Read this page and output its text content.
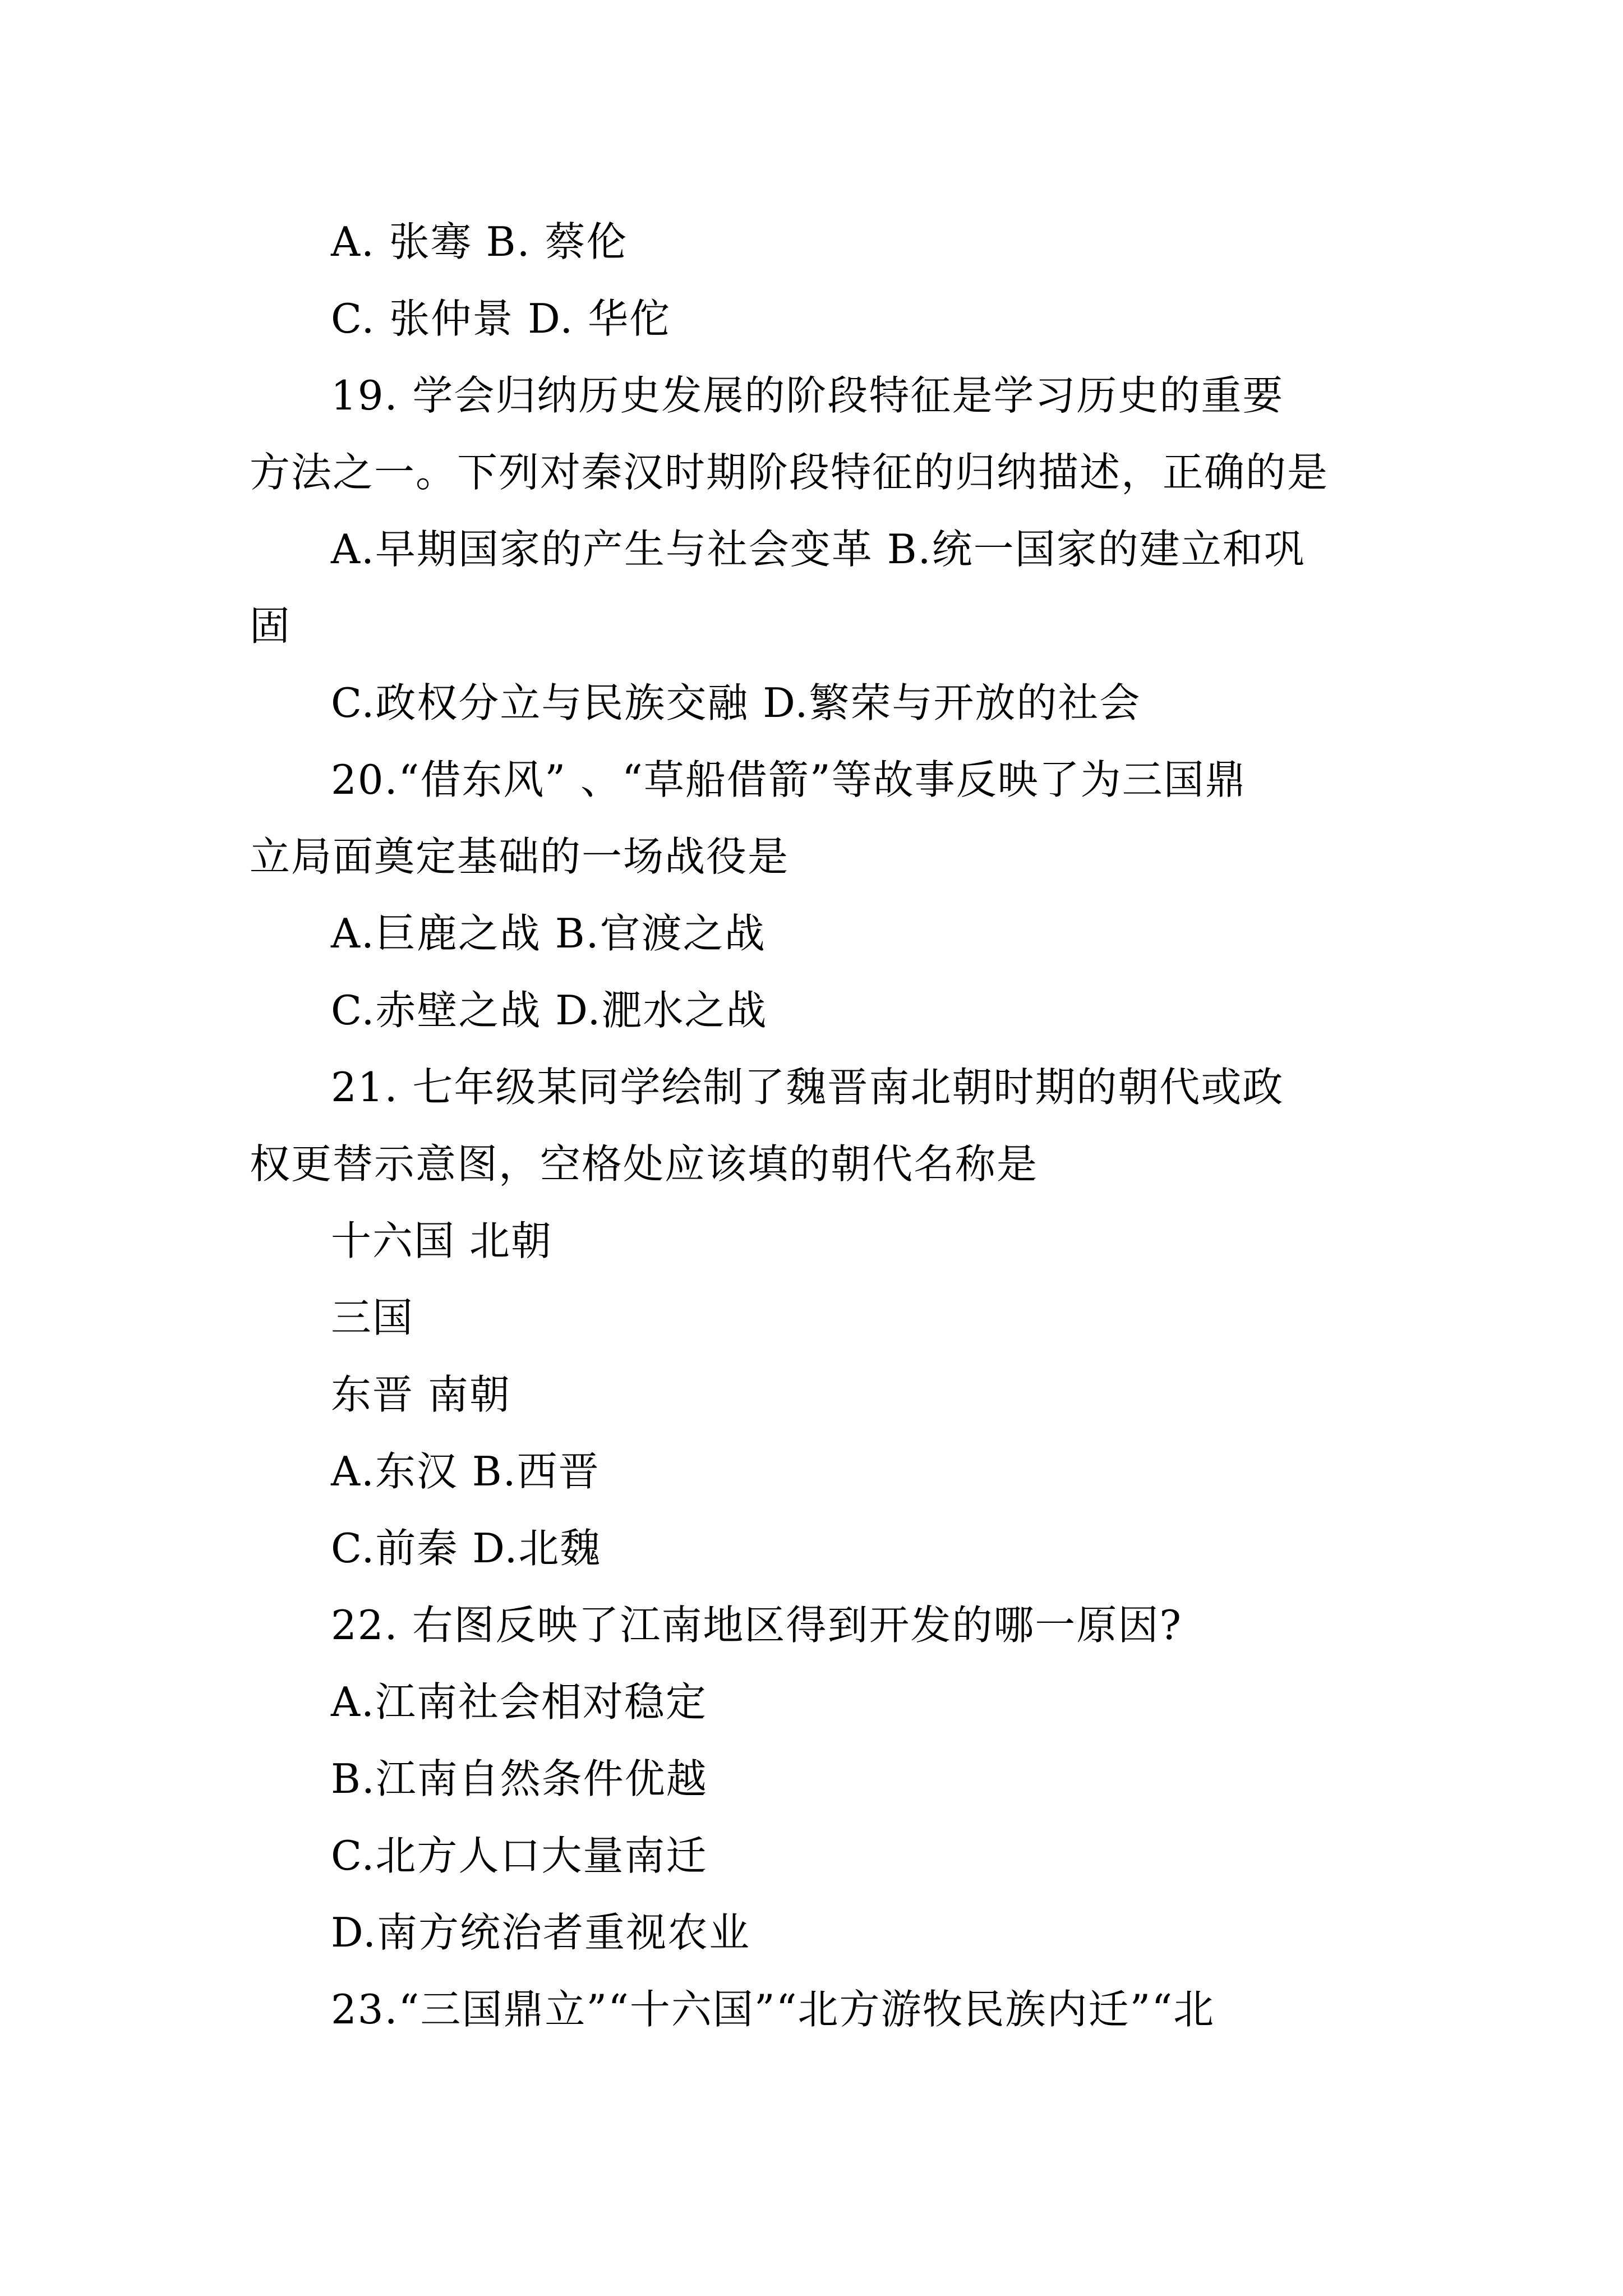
A. 张骞 B. 蔡伦
C. 张仲景 D. 华佗
19. 学会归纳历史发展的阶段特征是学习历史的重要
方法之一。下列对秦汉时期阶段特征的归纳描述，正确的是
A.早期国家的产生与社会变革 B.统一国家的建立和巩
固
C.政权分立与民族交融 D.繁荣与开放的社会
20.“借东风” 、“草船借箭”等故事反映了为三国鼎
立局面奠定基础的一场战役是
A.巨鹿之战 B.官渡之战
C.赤壁之战 D.淝水之战
21. 七年级某同学绘制了魏晋南北朝时期的朝代或政
权更替示意图，空格处应该填的朝代名称是
十六国 北朝
三国
东晋 南朝
A.东汉 B.西晋
C.前秦 D.北魏
22. 右图反映了江南地区得到开发的哪一原因?
A.江南社会相对稳定
B.江南自然条件优越
C.北方人口大量南迁
D.南方统治者重视农业
23.“三国鼎立”“十六国”“北方游牧民族内迁”“北
